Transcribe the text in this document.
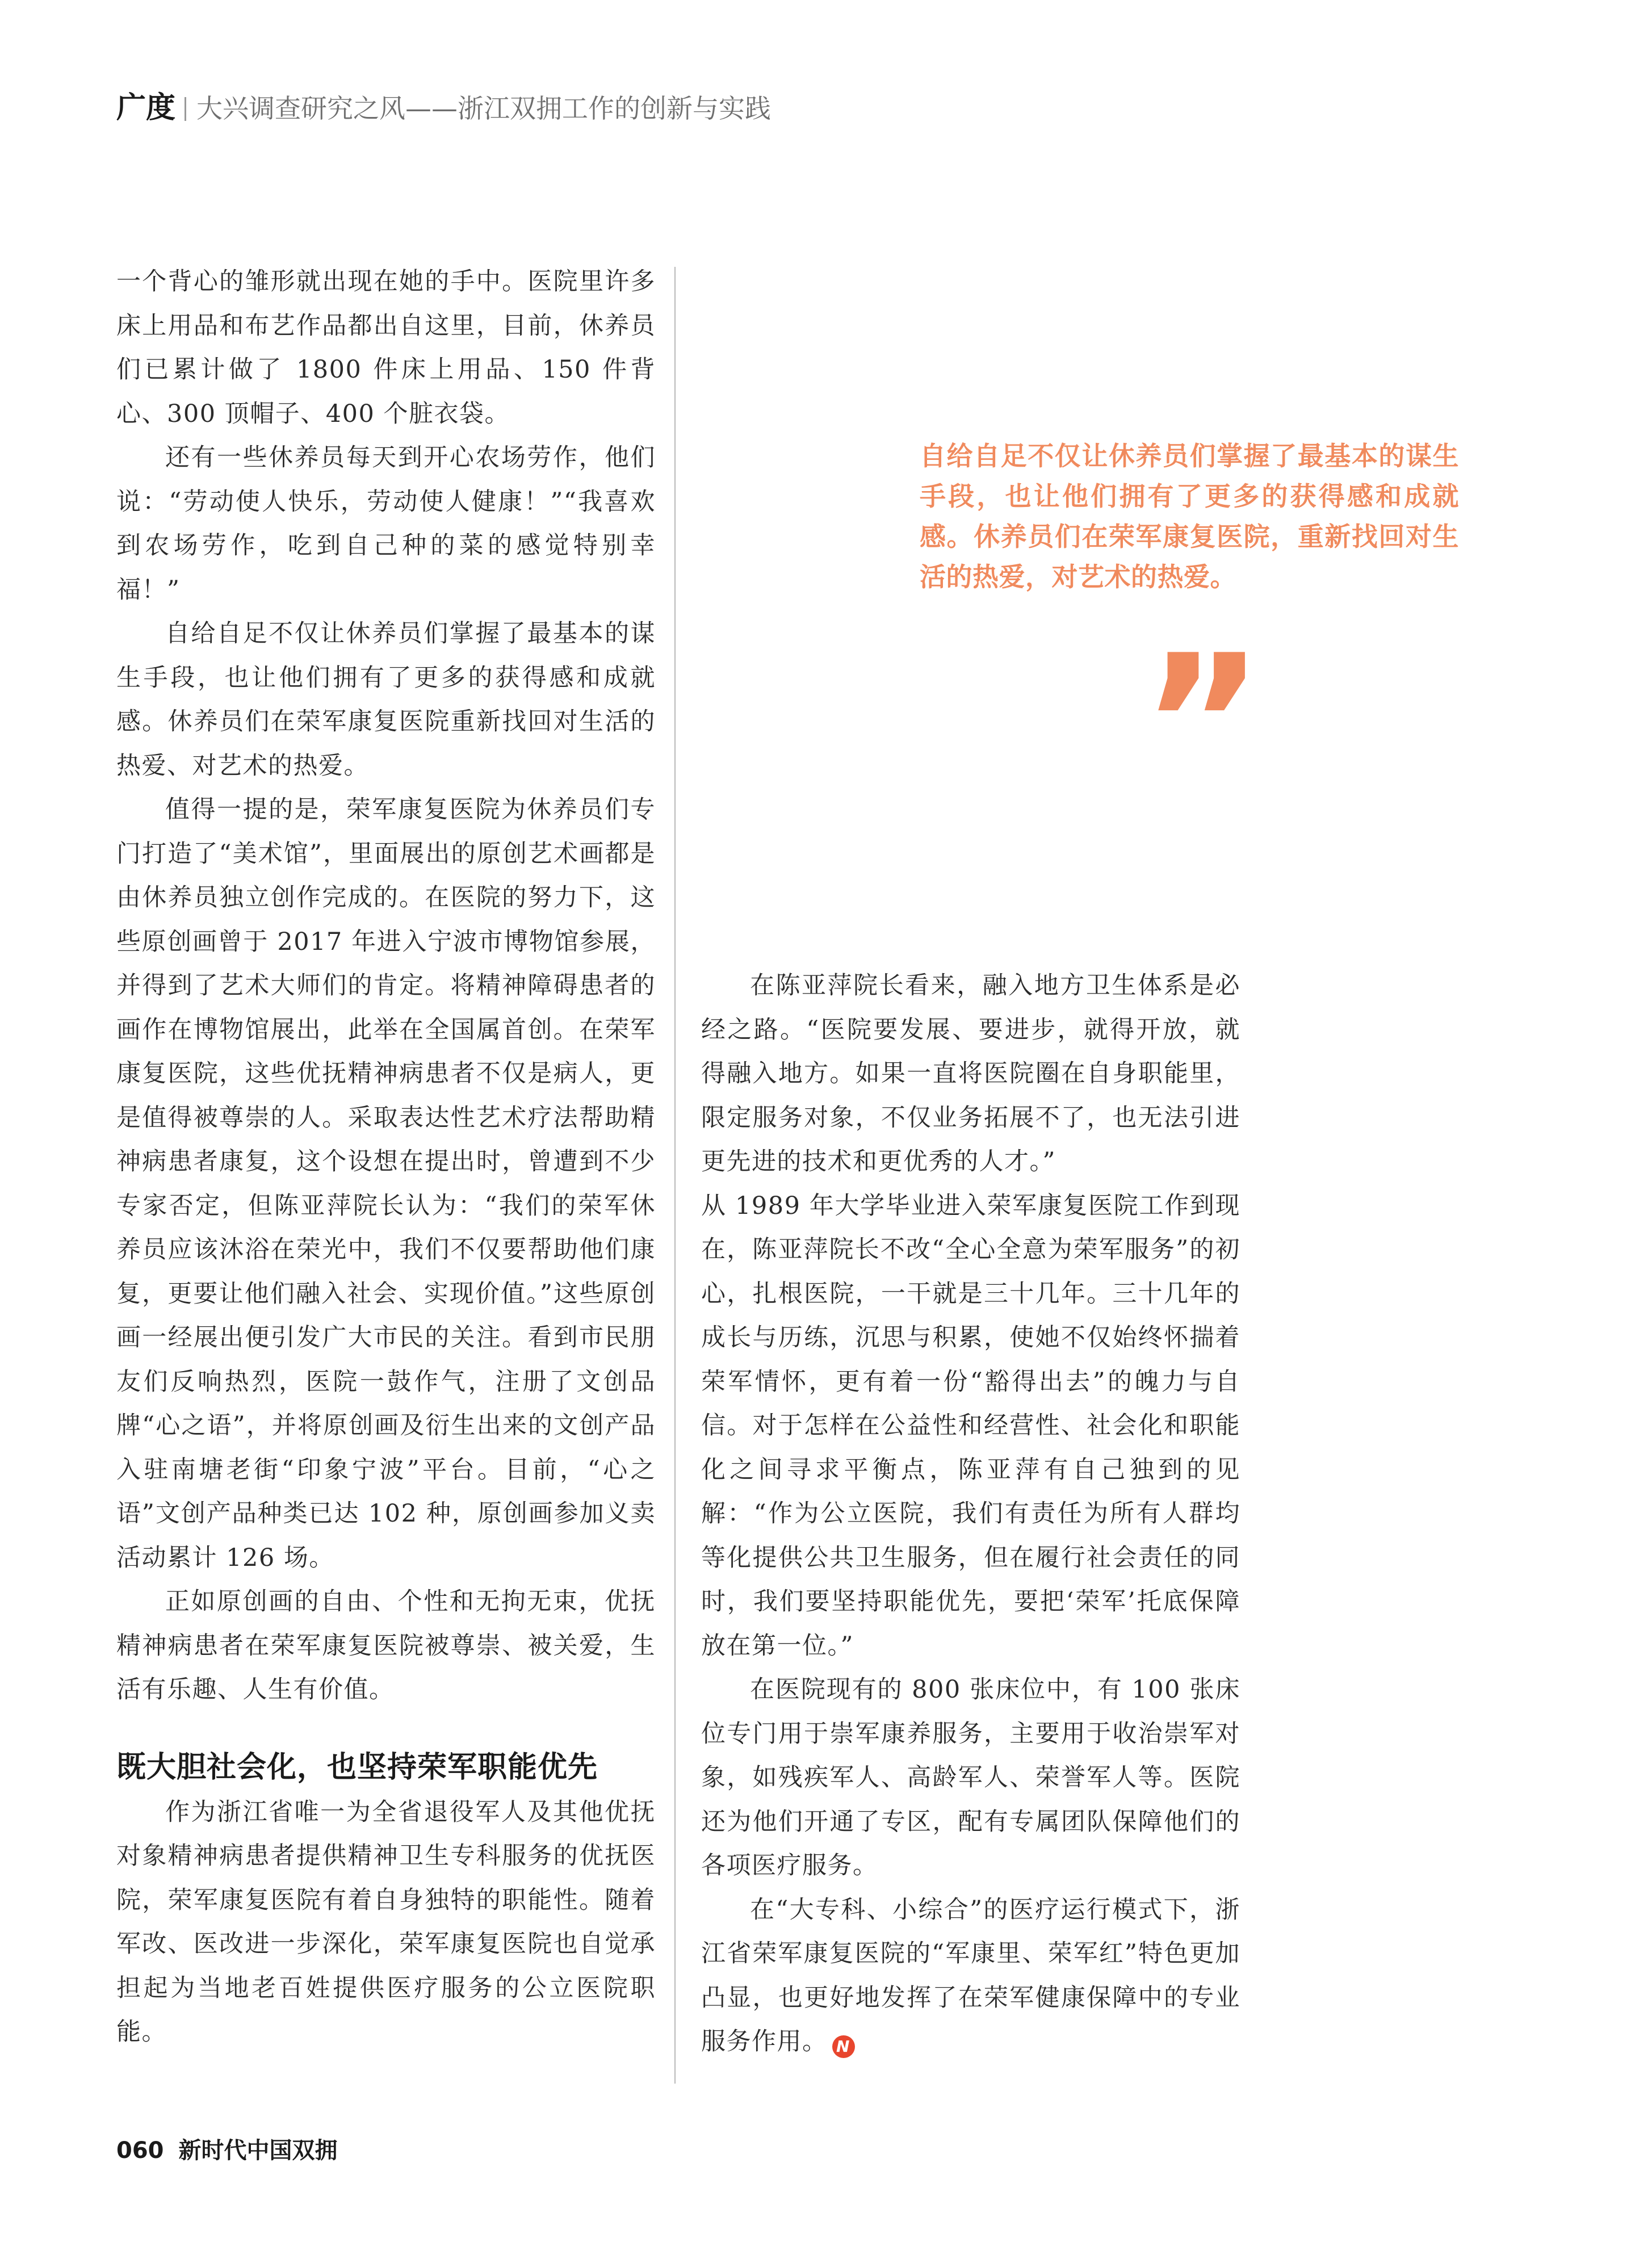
广度 大兴调查研究之风——浙江双拥工作的创新与实践

一个背心的雏形就出现在她的手中。医院里许多床上用品和布艺作品都出自这里，目前，休养员们已累计做了 1800 件床上用品、150 件背心、300 顶帽子、400 个脏衣袋。

还有一些休养员每天到开心农场劳作，他们说：“劳动使人快乐，劳动使人健康！”“我喜欢到农场劳作，吃到自己种的菜的感觉特别幸福！”

自给自足不仅让休养员们掌握了最基本的谋生手段，也让他们拥有了更多的获得感和成就感。休养员们在荣军康复医院重新找回对生活的热爱、对艺术的热爱。

值得一提的是，荣军康复医院为休养员们专门打造了“美术馆”，里面展出的原创艺术画都是由休养员独立创作完成的。在医院的努力下，这些原创画曾于 2017 年进入宁波市博物馆参展，并得到了艺术大师们的肯定。将精神障碍患者的画作在博物馆展出，此举在全国属首创。在荣军康复医院，这些优抚精神病患者不仅是病人，更是值得被尊崇的人。采取表达性艺术疗法帮助精神病患者康复，这个设想在提出时，曾遭到不少专家否定，但陈亚萍院长认为：“我们的荣军休养员应该沐浴在荣光中，我们不仅要帮助他们康复，更要让他们融入社会、实现价值。”这些原创画一经展出便引发广大市民的关注。看到市民朋友们反响热烈，医院一鼓作气，注册了文创品牌“心之语”，并将原创画及衍生出来的文创产品入驻南塘老街“印象宁波”平台。目前，“心之语”文创产品种类已达 102 种，原创画参加义卖活动累计 126 场。

正如原创画的自由、个性和无拘无束，优抚精神病患者在荣军康复医院被尊崇、被关爱，生活有乐趣、人生有价值。

既大胆社会化，也坚持荣军职能优先

作为浙江省唯一为全省退役军人及其他优抚对象精神病患者提供精神卫生专科服务的优抚医院，荣军康复医院有着自身独特的职能性。随着军改、医改进一步深化，荣军康复医院也自觉承担起为当地老百姓提供医疗服务的公立医院职能。

自给自足不仅让休养员们掌握了最基本的谋生手段，也让他们拥有了更多的获得感和成就感。休养员们在荣军康复医院，重新找回对生活的热爱，对艺术的热爱。
”

在陈亚萍院长看来，融入地方卫生体系是必经之路。“医院要发展、要进步，就得开放，就得融入地方。如果一直将医院圈在自身职能里，限定服务对象，不仅业务拓展不了，也无法引进更先进的技术和更优秀的人才。”

从 1989 年大学毕业进入荣军康复医院工作到现在，陈亚萍院长不改“全心全意为荣军服务”的初心，扎根医院，一干就是三十几年。三十几年的成长与历练，沉思与积累，使她不仅始终怀揣着荣军情怀，更有着一份“豁得出去”的魄力与自信。对于怎样在公益性和经营性、社会化和职能化之间寻求平衡点，陈亚萍有自己独到的见解：“作为公立医院，我们有责任为所有人群均等化提供公共卫生服务，但在履行社会责任的同时，我们要坚持职能优先，要把‘荣军’托底保障放在第一位。”

在医院现有的 800 张床位中，有 100 张床位专门用于崇军康养服务，主要用于收治崇军对象，如残疾军人、高龄军人、荣誉军人等。医院还为他们开通了专区，配有专属团队保障他们的各项医疗服务。

在“大专科、小综合”的医疗运行模式下，浙江省荣军康复医院的“军康里、荣军红”特色更加凸显，也更好地发挥了在荣军健康保障中的专业服务作用。 N

060 新时代中国双拥
